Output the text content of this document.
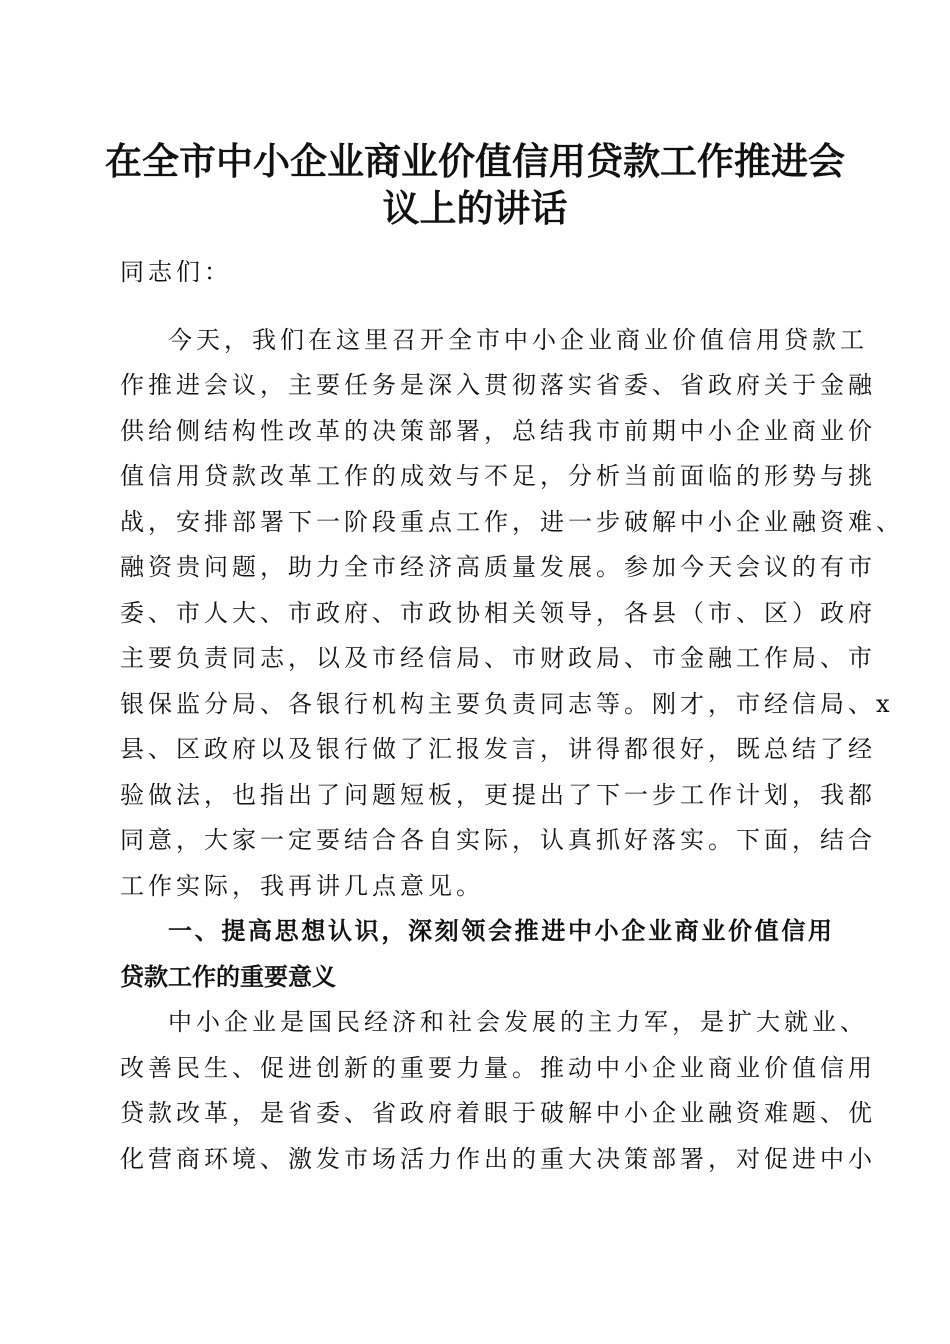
在全市中小企业商业价值信用贷款工作推进会
议上的讲话
同志们：
今天，我们在这里召开全市中小企业商业价值信用贷款工
作推进会议，主要任务是深入贯彻落实省委、省政府关于金融
供给侧结构性改革的决策部署，总结我市前期中小企业商业价
值信用贷款改革工作的成效与不足，分析当前面临的形势与挑
战，安排部署下一阶段重点工作，进一步破解中小企业融资难、
融资贵问题，助力全市经济高质量发展。参加今天会议的有市
委、市人大、市政府、市政协相关领导，各县（市、区）政府
主要负责同志，以及市经信局、市财政局、市金融工作局、市
银保监分局、各银行机构主要负责同志等。刚才，市经信局、x
县、区政府以及银行做了汇报发言，讲得都很好，既总结了经
验做法，也指出了问题短板，更提出了下一步工作计划，我都
同意，大家一定要结合各自实际，认真抓好落实。下面，结合
工作实际，我再讲几点意见。
一、提高思想认识，深刻领会推进中小企业商业价值信用
贷款工作的重要意义
中小企业是国民经济和社会发展的主力军，是扩大就业、
改善民生、促进创新的重要力量。推动中小企业商业价值信用
贷款改革，是省委、省政府着眼于破解中小企业融资难题、优
化营商环境、激发市场活力作出的重大决策部署，对促进中小
